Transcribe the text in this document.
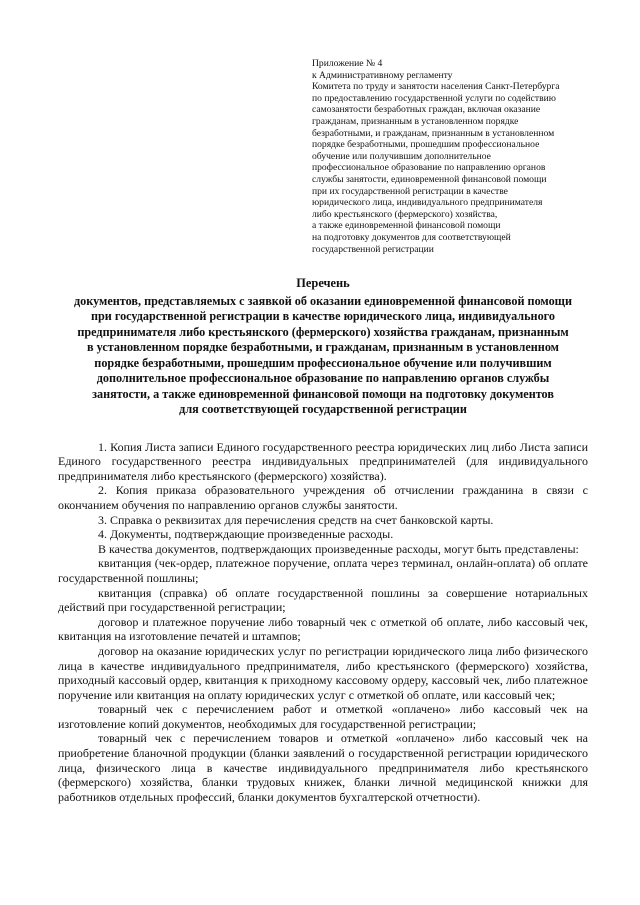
Приложение № 4
к Административному регламенту
Комитета по труду и занятости населения Санкт-Петербурга
по предоставлению государственной услуги по содействию
самозанятости безработных граждан, включая оказание
гражданам, признанным в установленном порядке
безработными, и гражданам, признанным в установленном
порядке безработными, прошедшим профессиональное
обучение или получившим дополнительное
профессиональное образование по направлению органов
службы занятости, единовременной финансовой помощи
при их государственной регистрации в качестве
юридического лица, индивидуального предпринимателя
либо крестьянского (фермерского) хозяйства,
а также единовременной финансовой помощи
на подготовку документов для соответствующей
государственной регистрации
Перечень
документов, представляемых с заявкой об оказании единовременной финансовой помощи
при государственной регистрации в качестве юридического лица, индивидуального
предпринимателя либо крестьянского (фермерского) хозяйства гражданам, признанным
в установленном порядке безработными, и гражданам, признанным в установленном
порядке безработными, прошедшим профессиональное обучение или получившим
дополнительное профессиональное образование по направлению органов службы
занятости, а также единовременной финансовой помощи на подготовку документов
для соответствующей государственной регистрации

1. Копия Листа записи Единого государственного реестра юридических лиц либо Листа записи Единого государственного реестра индивидуальных предпринимателей (для индивидуального предпринимателя либо крестьянского (фермерского) хозяйства).

2. Копия приказа образовательного учреждения об отчислении гражданина в связи с окончанием обучения по направлению органов службы занятости.

3. Справка о реквизитах для перечисления средств на счет банковской карты.

4. Документы, подтверждающие произведенные расходы.

В качества документов, подтверждающих произведенные расходы, могут быть представлены:

квитанция (чек-ордер, платежное поручение, оплата через терминал, онлайн-оплата) об оплате государственной пошлины;

квитанция (справка) об оплате государственной пошлины за совершение нотариальных действий при государственной регистрации;

договор и платежное поручение либо товарный чек с отметкой об оплате, либо кассовый чек, квитанция на изготовление печатей и штампов;

договор на оказание юридических услуг по регистрации юридического лица либо физического лица в качестве индивидуального предпринимателя, либо крестьянского (фермерского) хозяйства, приходный кассовый ордер, квитанция к приходному кассовому ордеру, кассовый чек, либо платежное поручение или квитанция на оплату юридических услуг с отметкой об оплате, или кассовый чек;

товарный чек с перечислением работ и отметкой «оплачено» либо кассовый чек на изготовление копий документов, необходимых для государственной регистрации;

товарный чек с перечислением товаров и отметкой «оплачено» либо кассовый чек на приобретение бланочной продукции (бланки заявлений о государственной регистрации юридического лица, физического лица в качестве индивидуального предпринимателя либо крестьянского (фермерского) хозяйства, бланки трудовых книжек, бланки личной медицинской книжки для работников отдельных профессий, бланки документов бухгалтерской отчетности).
